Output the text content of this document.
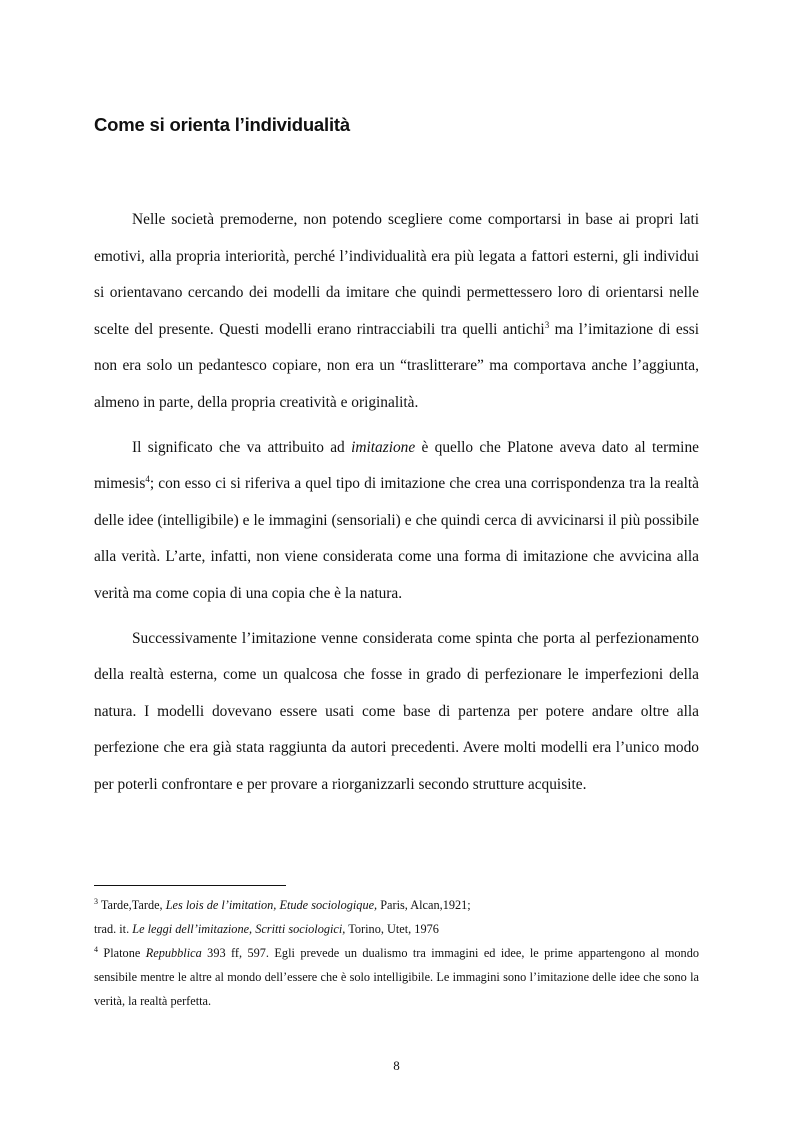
Come si orienta l’individualità

Nelle società premoderne, non potendo scegliere come comportarsi in base ai propri lati emotivi, alla propria interiorità, perché l’individualità era più legata a fattori esterni, gli individui si orientavano cercando dei modelli da imitare che quindi permettessero loro di orientarsi nelle scelte del presente. Questi modelli erano rintracciabili tra quelli antichi$^3$ ma l’imitazione di essi non era solo un pedantesco copiare, non era un “traslitterare” ma comportava anche l’aggiunta, almeno in parte, della propria creatività e originalità.

Il significato che va attribuito ad imitazione è quello che Platone aveva dato al termine mimesis$^4$; con esso ci si riferiva a quel tipo di imitazione che crea una corrispondenza tra la realtà delle idee (intelligibile) e le immagini (sensoriali) e che quindi cerca di avvicinarsi il più possibile alla verità. L’arte, infatti, non viene considerata come una forma di imitazione che avvicina alla verità ma come copia di una copia che è la natura.

Successivamente l’imitazione venne considerata come spinta che porta al perfezionamento della realtà esterna, come un qualcosa che fosse in grado di perfezionare le imperfezioni della natura. I modelli dovevano essere usati come base di partenza per potere andare oltre alla perfezione che era già stata raggiunta da autori precedenti. Avere molti modelli era l’unico modo per poterli confrontare e per provare a riorganizzarli secondo strutture acquisite.

$^3$ Tarde,Tarde, Les lois de l’imitation, Etude sociologique, Paris, Alcan,1921;

trad. it. Le leggi dell’imitazione, Scritti sociologici, Torino, Utet, 1976

$^4$ Platone Repubblica 393 ff, 597. Egli prevede un dualismo tra immagini ed idee, le prime appartengono al mondo sensibile mentre le altre al mondo dell’essere che è solo intelligibile. Le immagini sono l’imitazione delle idee che sono la verità, la realtà perfetta.

8
